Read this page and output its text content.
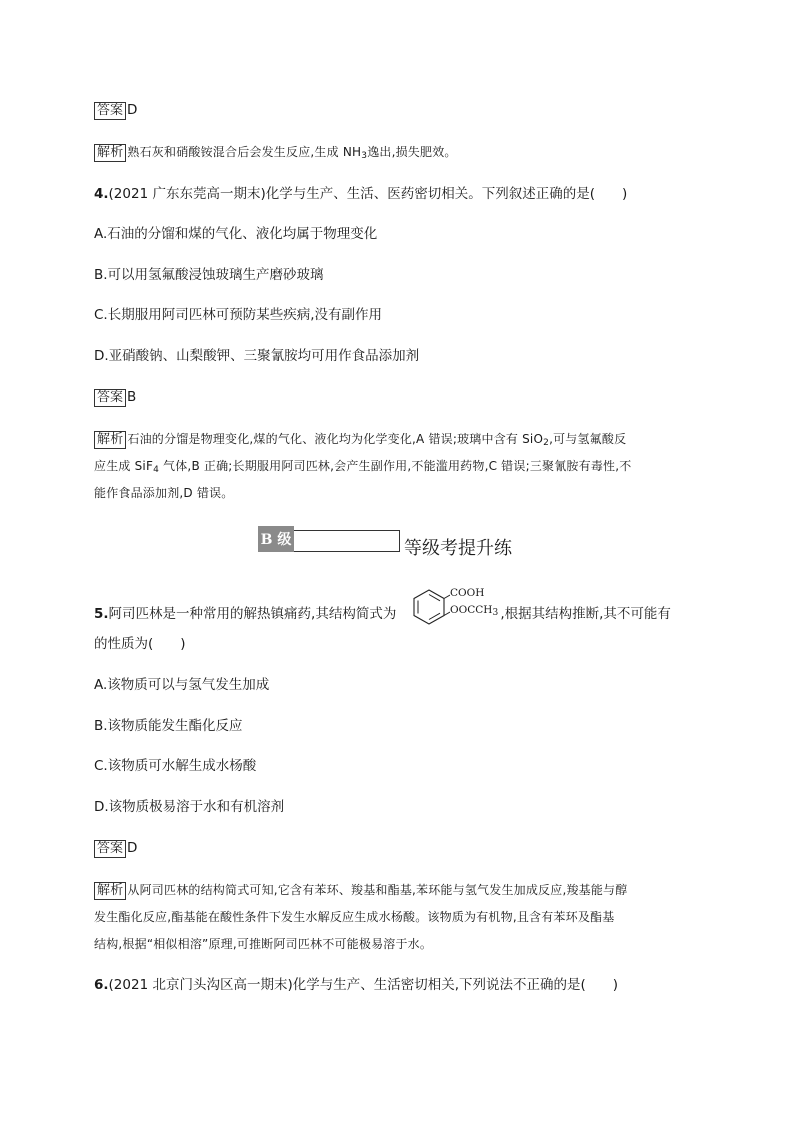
答案 D
解析 熟石灰和硝酸铵混合后会发生反应,生成 $NH_3$逸出,损失肥效。
4.(2021 广东东莞高一期末)化学与生产、生活、医药密切相关。下列叙述正确的是(　　)
A.石油的分馏和煤的气化、液化均属于物理变化
B.可以用氢氟酸浸蚀玻璃生产磨砂玻璃
C.长期服用阿司匹林可预防某些疾病,没有副作用
D.亚硝酸钠、山梨酸钾、三聚氰胺均可用作食品添加剂
答案 B
解析 石油的分馏是物理变化,煤的气化、液化均为化学变化,A 错误;玻璃中含有 SiO$_2$,可与氢氟酸反
应生成 SiF$_4$ 气体,B 正确;长期服用阿司匹林,会产生副作用,不能滥用药物,C 错误;三聚氰胺有毒性,不
能作食品添加剂,D 错误。
B 级	等级考提升练
5.阿司匹林是一种常用的解热镇痛药,其结构简式为	,根据其结构推断,其不可能有
的性质为(　　)
COOH
$OOCCH_3$
A.该物质可以与氢气发生加成
B.该物质能发生酯化反应
C.该物质可水解生成水杨酸
D.该物质极易溶于水和有机溶剂
答案 D
解析 从阿司匹林的结构简式可知,它含有苯环、羧基和酯基,苯环能与氢气发生加成反应,羧基能与醇
发生酯化反应,酯基能在酸性条件下发生水解反应生成水杨酸。该物质为有机物,且含有苯环及酯基
结构,根据“相似相溶”原理,可推断阿司匹林不可能极易溶于水。
6.(2021 北京门头沟区高一期末)化学与生产、生活密切相关,下列说法不正确的是(　　)
